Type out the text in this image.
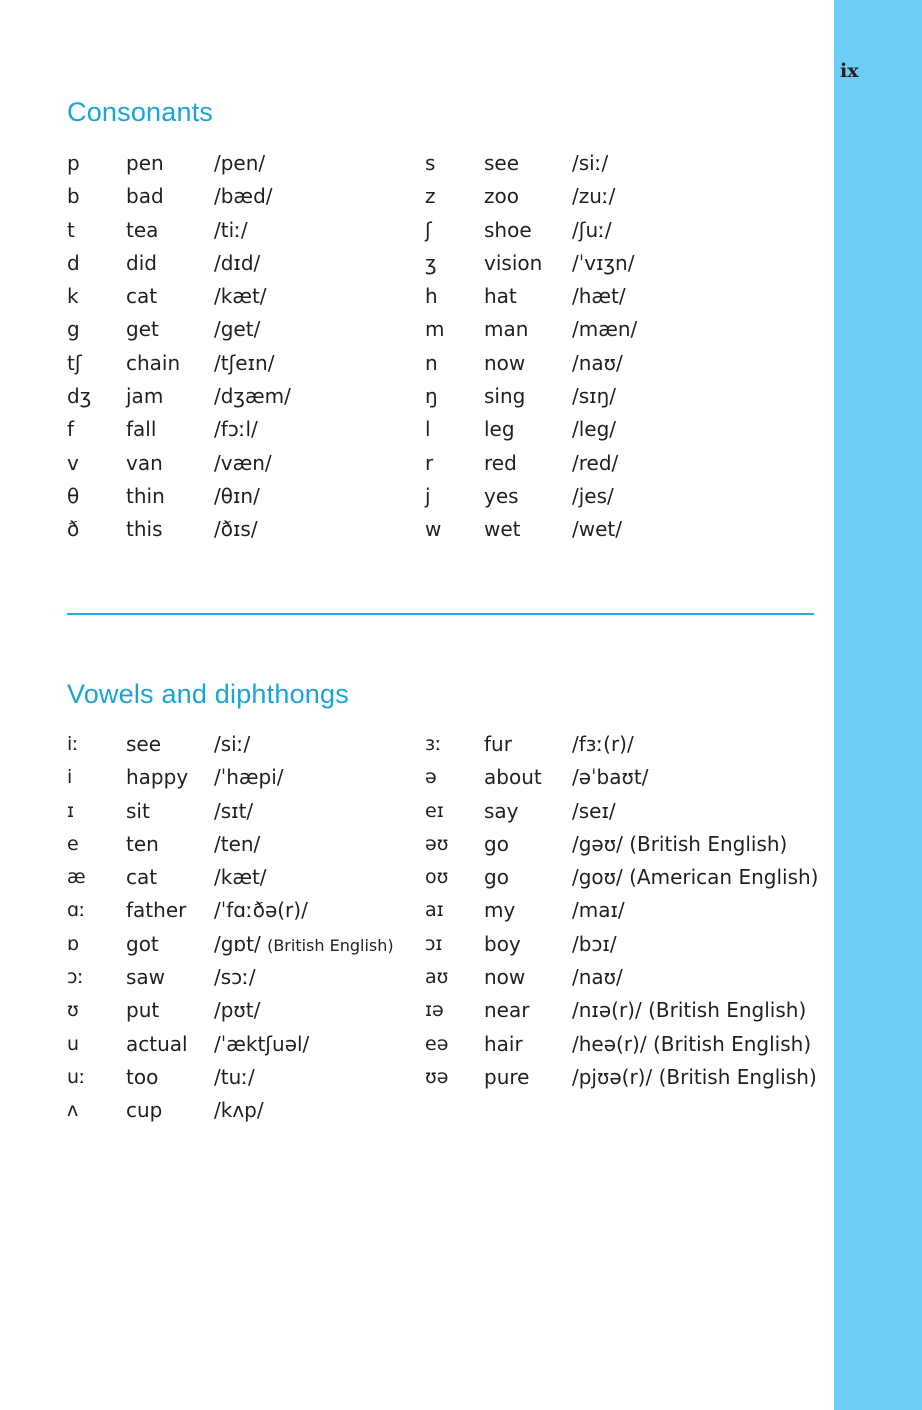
ix
Consonants
p pen	/pen/
b bad	/bæd/
t	tea	/tiː/
d did	/dɪd/
k cat	/kæt/
g get	/get/
tʃ chain /tʃeɪn/
dʒ jam	/dʒæm/
f	fall	/fɔːl/
v van	/væn/
θ thin /θɪn/
ð this	/ðɪs/
s see	/siː/
z zoo	/zuː/
ʃ	shoe /ʃuː/
ʒ vision /ˈvɪʒn/
h hat	/hæt/
m man /mæn/
n now /naʊ/
ŋ sing /sɪŋ/
l	leg	/leg/
r	red	/red/
j	yes	/jes/
w wet	/wet/
Vowels and diphthongs
iː see	/siː/
i	happy /ˈhæpi/
ɪ	sit	/sɪt/
e ten	/ten/
æ cat	/kæt/
ɑː father /ˈfɑːðə(r)/
ɒ got	/gɒt/ (British English)
ɔː saw /sɔː/
ʊ put	/pʊt/
u actual /ˈæktʃuəl/
uː too	/tuː/
ʌ cup	/kʌp/
ɜː fur	/fɜː(r)/
ə about /əˈbaʊt/
eɪ say	/seɪ/
əʊ go	/gəʊ/ (British English)
oʊ go	/goʊ/ (American English)
aɪ my	/maɪ/
ɔɪ boy	/bɔɪ/
aʊ now /naʊ/
ɪə near /nɪə(r)/ (British English)
eə hair /heə(r)/ (British English)
ʊə pure /pjʊə(r)/ (British English)
